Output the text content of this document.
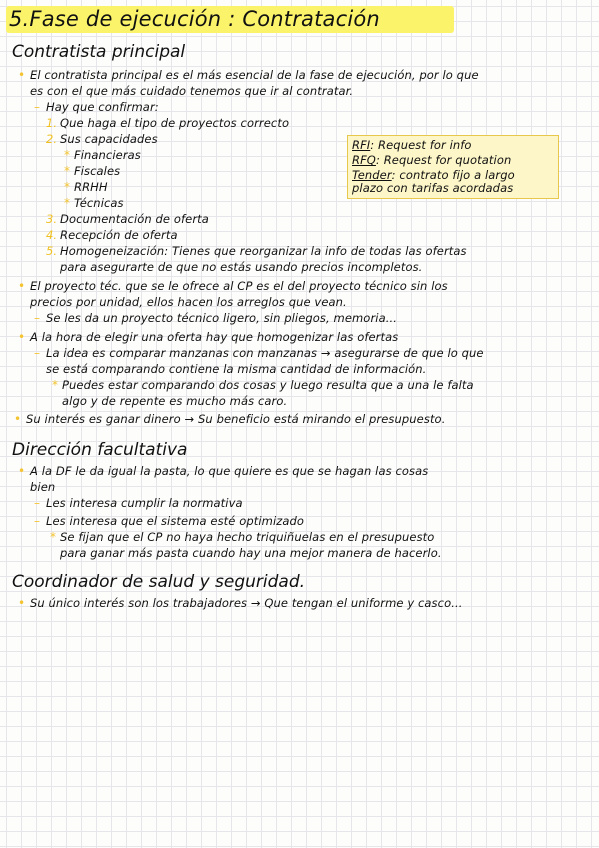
5.Fase de ejecución : Contratación
Contratista principal
• El contratista principal es el más esencial de la fase de ejecución, por lo que
es con el que más cuidado tenemos que ir al contratar.
– Hay que confirmar:
1. Que haga el tipo de proyectos correcto
2. Sus capacidades
* Financieras
* Fiscales
* RRHH
* Técnicas
3. Documentación de oferta
4. Recepción de oferta
5. Homogeneización: Tienes que reorganizar la info de todas las ofertas
para asegurarte de que no estás usando precios incompletos.
RFI: Request for info
RFQ: Request for quotation
Tender: contrato fijo a largo
plazo con tarifas acordadas
• El proyecto téc. que se le ofrece al CP es el del proyecto técnico sin los
precios por unidad, ellos hacen los arreglos que vean.
– Se les da un proyecto técnico ligero, sin pliegos, memoria...
• A la hora de elegir una oferta hay que homogenizar las ofertas
– La idea es comparar manzanas con manzanas → asegurarse de que lo que
se está comparando contiene la misma cantidad de información.
* Puedes estar comparando dos cosas y luego resulta que a una le falta
algo y de repente es mucho más caro.
• Su interés es ganar dinero → Su beneficio está mirando el presupuesto.
Dirección facultativa
• A la DF le da igual la pasta, lo que quiere es que se hagan las cosas
bien
– Les interesa cumplir la normativa
– Les interesa que el sistema esté optimizado
* Se fijan que el CP no haya hecho triquiñuelas en el presupuesto
para ganar más pasta cuando hay una mejor manera de hacerlo.
Coordinador de salud y seguridad.
• Su único interés son los trabajadores → Que tengan el uniforme y casco...
